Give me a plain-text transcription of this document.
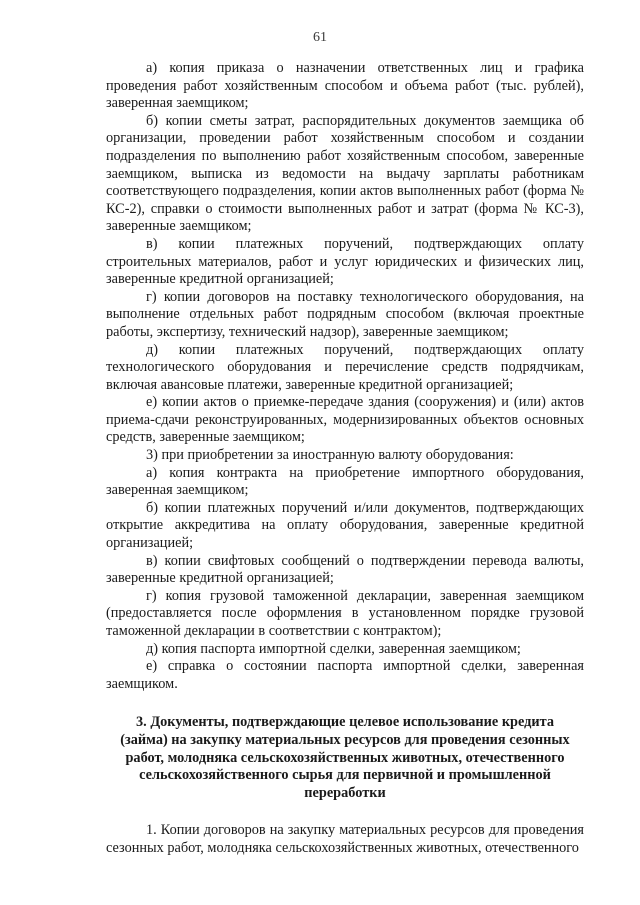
61

а) копия приказа о назначении ответственных лиц и графика проведения работ хозяйственным способом и объема работ (тыс. рублей), заверенная заемщиком;

б) копии сметы затрат, распорядительных документов заемщика об организации, проведении работ хозяйственным способом и создании подразделения по выполнению работ хозяйственным способом, заверенные заемщиком, выписка из ведомости на выдачу зарплаты работникам соответствующего подразделения, копии актов выполненных работ (форма № КС-2), справки о стоимости выполненных работ и затрат (форма № КС-3), заверенные заемщиком;

в) копии платежных поручений, подтверждающих оплату строительных материалов, работ и услуг юридических и физических лиц, заверенные кредитной организацией;

г) копии договоров на поставку технологического оборудования, на выполнение отдельных работ подрядным способом (включая проектные работы, экспертизу, технический надзор), заверенные заемщиком;

д) копии платежных поручений, подтверждающих оплату технологического оборудования и перечисление средств подрядчикам, включая авансовые платежи, заверенные кредитной организацией;

е) копии актов о приемке-передаче здания (сооружения) и (или) актов приема-сдачи реконструированных, модернизированных объектов основных средств, заверенные заемщиком;

3) при приобретении за иностранную валюту оборудования:

а) копия контракта на приобретение импортного оборудования, заверенная заемщиком;

б) копии платежных поручений и/или документов, подтверждающих открытие аккредитива на оплату оборудования, заверенные кредитной организацией;

в) копии свифтовых сообщений о подтверждении перевода валюты, заверенные кредитной организацией;

г) копия грузовой таможенной декларации, заверенная заемщиком (предоставляется после оформления в установленном порядке грузовой таможенной декларации в соответствии с контрактом);

д) копия паспорта импортной сделки, заверенная заемщиком;

е) справка о состоянии паспорта импортной сделки, заверенная заемщиком.

3. Документы, подтверждающие целевое использование кредита (займа) на закупку материальных ресурсов для проведения сезонных работ, молодняка сельскохозяйственных животных, отечественного сельскохозяйственного сырья для первичной и промышленной переработки

1. Копии договоров на закупку материальных ресурсов для проведения сезонных работ, молодняка сельскохозяйственных животных, отечественного
